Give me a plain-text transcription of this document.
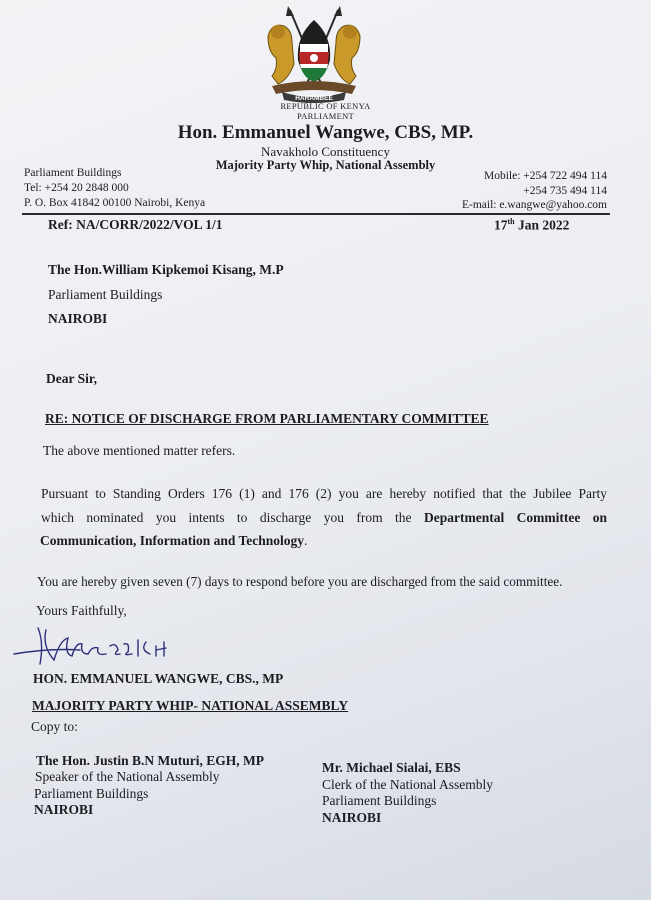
HARAMBEE
REPUBLIC OF KENYA
PARLIAMENT
Hon. Emmanuel Wangwe, CBS, MP.
Navakholo Constituency
Majority Party Whip, National Assembly
Parliament Buildings
Tel: +254 20 2848 000
P. O. Box 41842 00100 Nairobi, Kenya
Mobile: +254 722 494 114
+254 735 494 114
E-mail: e.wangwe@yahoo.com
Ref: NA/CORR/2022/VOL 1/1	17th Jan 2022
The Hon.William Kipkemoi Kisang, M.P
Parliament Buildings
NAIROBI
Dear Sir,
RE: NOTICE OF DISCHARGE FROM PARLIAMENTARY COMMITTEE
The above mentioned matter refers.
Pursuant to Standing Orders 176 (1) and 176 (2) you are hereby notified that the Jubilee Party
which nominated you intents to discharge you from the Departmental Committee on
Communication, Information and Technology.
You are hereby given seven (7) days to respond before you are discharged from the said committee.
Yours Faithfully,
HON. EMMANUEL WANGWE, CBS., MP
MAJORITY PARTY WHIP- NATIONAL ASSEMBLY
Copy to:
The Hon. Justin B.N Muturi, EGH, MP
Speaker of the National Assembly
Parliament Buildings
NAIROBI
Mr. Michael Sialai, EBS
Clerk of the National Assembly
Parliament Buildings
NAIROBI
